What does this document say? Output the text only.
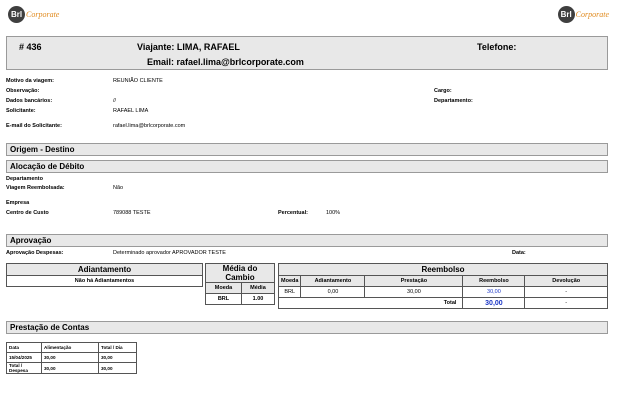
Brl Corporate	Brl Corporate
# 436	Viajante: LIMA, RAFAEL
Email: rafael.lima@brlcorporate.com
Telefone:
Motivo da viagem:	REUNIÃO CLIENTE
Observação:	Cargo:
Dados bancários:	//	Departamento:
Solicitante:	RAFAEL LIMA
E-mail do Solicitante:	rafael.lima@brlcorporate.com
Origem - Destino
Alocação de Débito
Departamento
Viagem Reembolsada:	Não
Empresa
Centro de Custo	789088 TESTE	Percentual:	100%
Aprovação
Aprovação Despesas:	Determinado aprovador APROVADOR TESTE	Data:
Adiantamento
Não há Adiantamentos
Média do Cambio	
Moeda	Média
BRL	1.00
Reembolso				
Moeda	Adiantamento	Prestação	Reembolso	Devolução
BRL	0,00	30,00	30,00	-
Total			30,00	-
Prestação de Contas
Data	Alimentação	Total / Dia
15/04/2025	30,00	30,00
Total / Despesa	30,00	30,00
